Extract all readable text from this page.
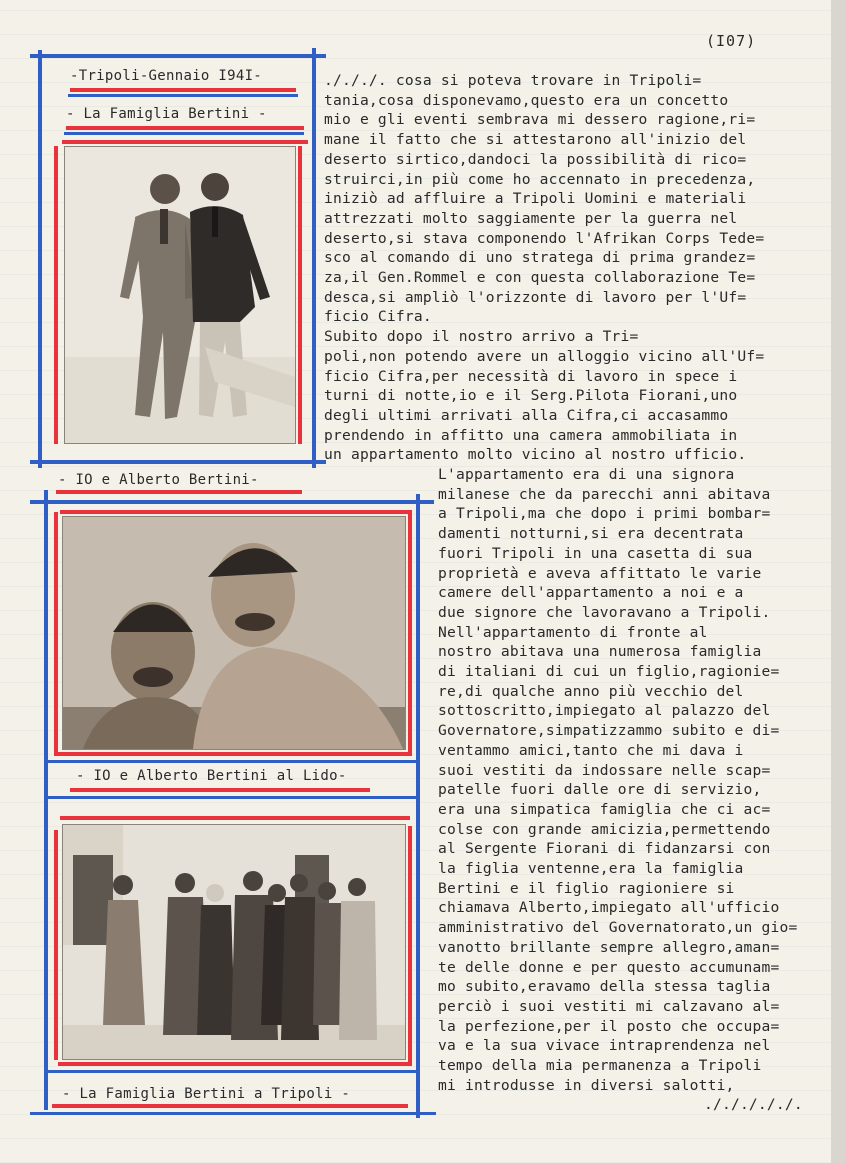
(I07)
-Tripoli-Gennaio I94I-
- La Famiglia Bertini -
- IO e Alberto Bertini-
- IO e Alberto Bertini al Lido-
- La Famiglia Bertini a Tripoli -
./././. cosa si poteva trovare in Tripoli=
tania,cosa disponevamo,questo era un concetto
mio e gli eventi sembrava mi dessero ragione,ri=
mane il fatto che si attestarono all'inizio del
deserto sirtico,dandoci la possibilità di rico=
struirci,in più come ho accennato in precedenza,
iniziò ad affluire a Tripoli Uomini e materiali
attrezzati molto saggiamente per la guerra nel
deserto,si stava componendo l'Afrikan Corps Tede=
sco al comando di uno stratega di prima grandez=
za,il Gen.Rommel e con questa collaborazione Te=
desca,si ampliò l'orizzonte di lavoro per l'Uf=
ficio Cifra.
Subito dopo il nostro arrivo a Tri=
poli,non potendo avere un alloggio vicino all'Uf=
ficio Cifra,per necessità di lavoro in spece i
turni di notte,io e il Serg.Pilota Fiorani,uno
degli ultimi arrivati alla Cifra,ci accasammo
prendendo in affitto una camera ammobiliata in
un appartamento molto vicino al nostro ufficio.
L'appartamento era di una signora
milanese che da parecchi anni abitava
a Tripoli,ma che dopo i primi bombar=
damenti notturni,si era decentrata
fuori Tripoli in una casetta di sua
proprietà e aveva affittato le varie
camere dell'appartamento a noi e a
due signore che lavoravano a Tripoli.
Nell'appartamento di fronte al
nostro abitava una numerosa famiglia
di italiani di cui un figlio,ragionie=
re,di qualche anno più vecchio del
sottoscritto,impiegato al palazzo del
Governatore,simpatizzammo subito e di=
ventammo amici,tanto che mi dava i
suoi vestiti da indossare nelle scap=
patelle fuori dalle ore di servizio,
era una simpatica famiglia che ci ac=
colse con grande amicizia,permettendo
al Sergente Fiorani di fidanzarsi con
la figlia ventenne,era la famiglia
Bertini e il figlio ragioniere si
chiamava Alberto,impiegato all'ufficio
amministrativo del Governatorato,un gio=
vanotto brillante sempre allegro,aman=
te delle donne e per questo accumunam=
mo subito,eravamo della stessa taglia
perciò i suoi vestiti mi calzavano al=
la perfezione,per il posto che occupa=
va e la sua vivace intraprendenza nel
tempo della mia permanenza a Tripoli
mi introdusse in diversi salotti,
./././././.
